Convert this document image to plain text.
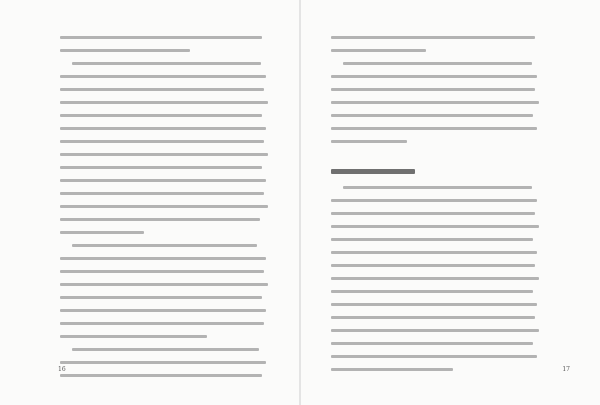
16	17
